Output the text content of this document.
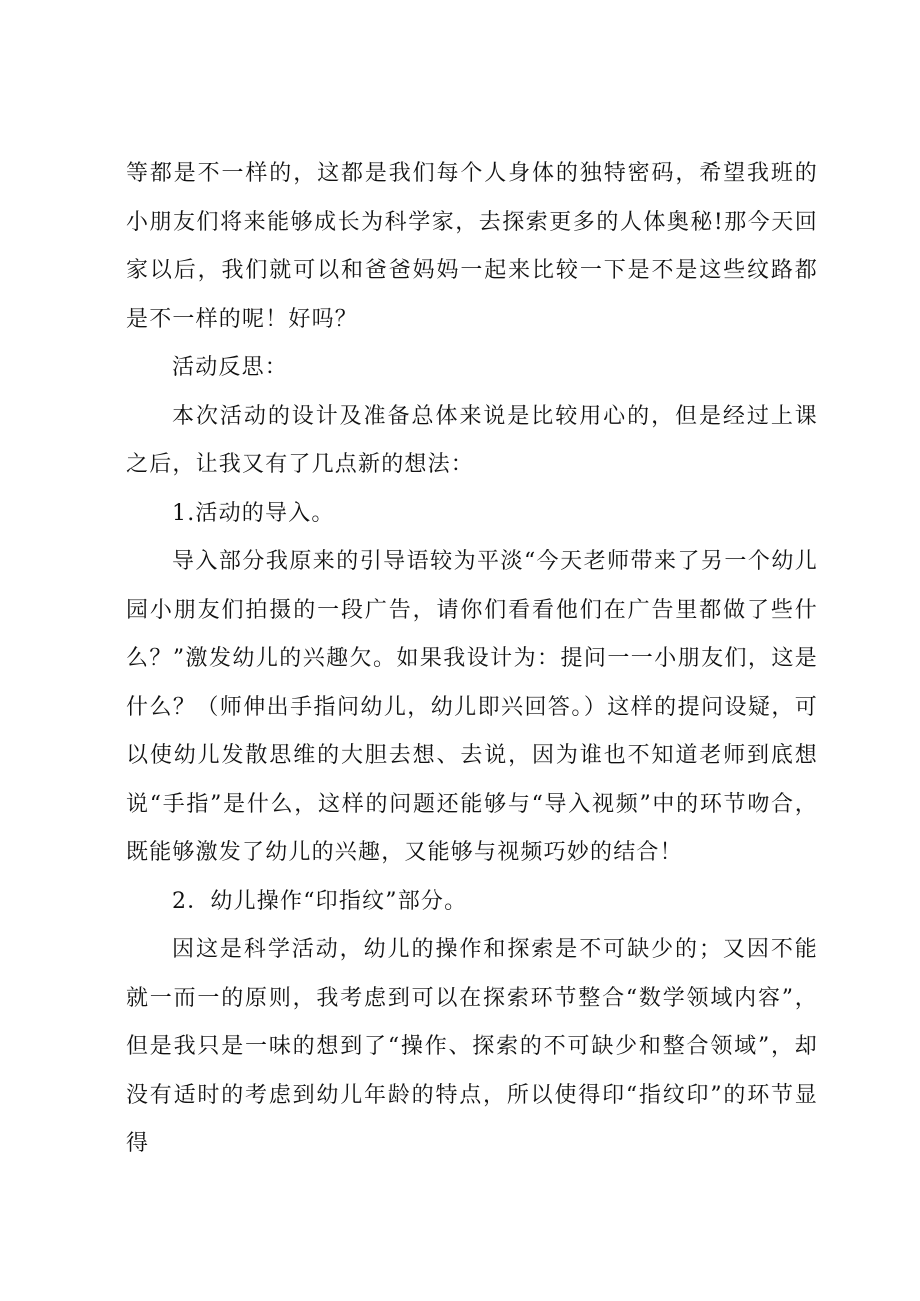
等都是不一样的，这都是我们每个人身体的独特密码，希望我班的小朋友们将来能够成长为科学家，去探索更多的人体奥秘!那今天回家以后，我们就可以和爸爸妈妈一起来比较一下是不是这些纹路都是不一样的呢！好吗？

活动反思：

本次活动的设计及准备总体来说是比较用心的，但是经过上课之后，让我又有了几点新的想法：

1.活动的导入。

导入部分我原来的引导语较为平淡“今天老师带来了另一个幼儿园小朋友们拍摄的一段广告，请你们看看他们在广告里都做了些什么？”激发幼儿的兴趣欠。如果我设计为：提问一一小朋友们，这是什么？（师伸出手指问幼儿，幼儿即兴回答。）这样的提问设疑，可以使幼儿发散思维的大胆去想、去说，因为谁也不知道老师到底想说“手指”是什么，这样的问题还能够与“导入视频”中的环节吻合，既能够激发了幼儿的兴趣，又能够与视频巧妙的结合！

2．幼儿操作“印指纹”部分。

因这是科学活动，幼儿的操作和探索是不可缺少的；又因不能就一而一的原则，我考虑到可以在探索环节整合“数学领域内容”，但是我只是一味的想到了“操作、探索的不可缺少和整合领域”，却没有适时的考虑到幼儿年龄的特点，所以使得印“指纹印”的环节显得
